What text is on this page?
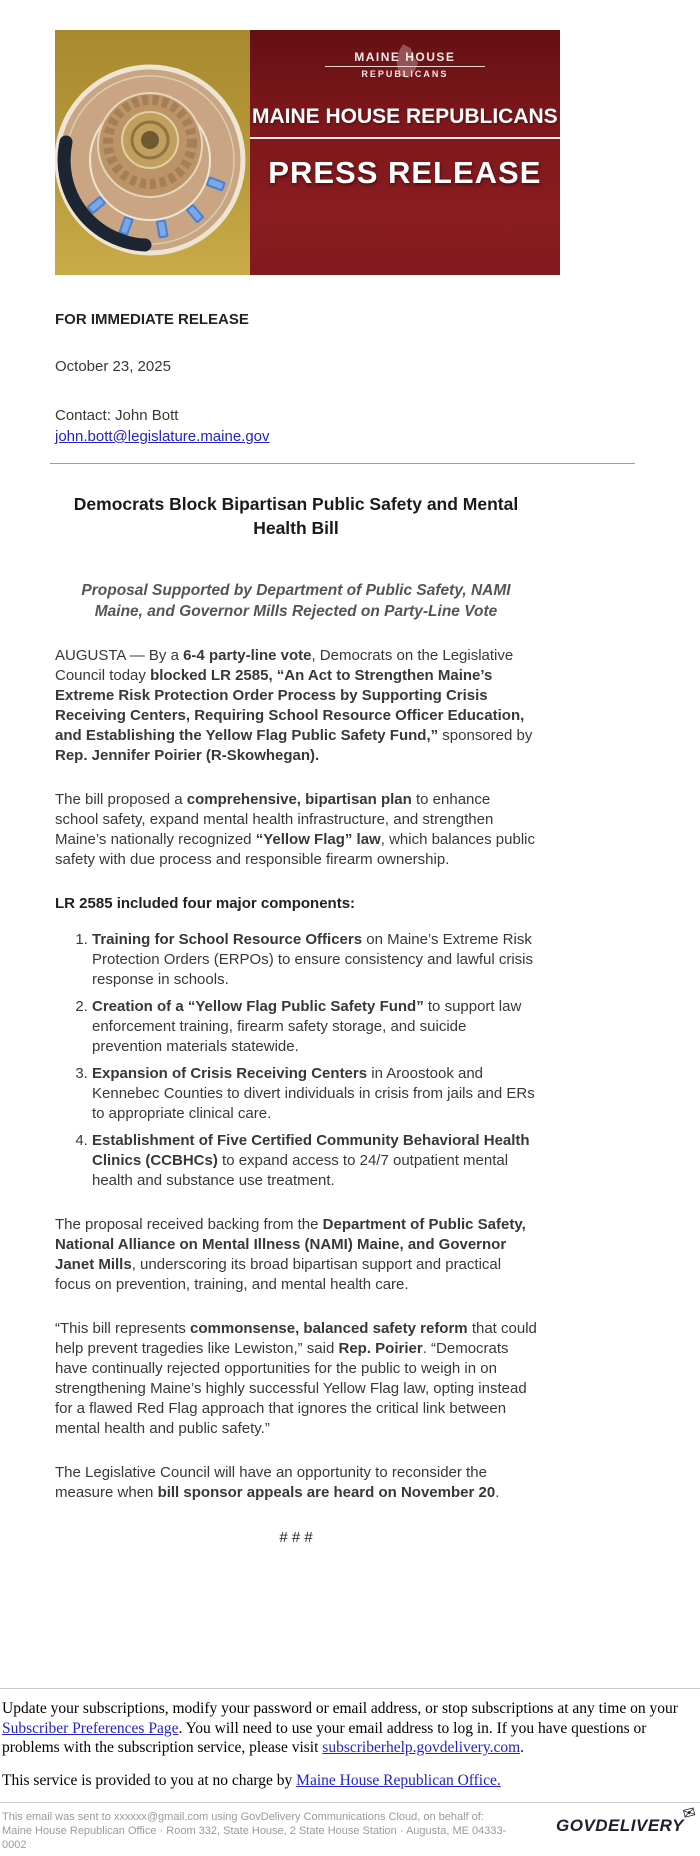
MAINE HOUSE
REPUBLICANS
MAINE HOUSE REPUBLICANS
PRESS RELEASE

FOR IMMEDIATE RELEASE

October 23, 2025

Contact: John Bott
john.bott@legislature.maine.gov

Democrats Block Bipartisan Public Safety and Mental Health Bill
Proposal Supported by Department of Public Safety, NAMI Maine, and Governor Mills Rejected on Party-Line Vote

AUGUSTA — By a 6-4 party-line vote, Democrats on the Legislative Council today blocked LR 2585, “An Act to Strengthen Maine’s Extreme Risk Protection Order Process by Supporting Crisis Receiving Centers, Requiring School Resource Officer Education, and Establishing the Yellow Flag Public Safety Fund,” sponsored by Rep. Jennifer Poirier (R-Skowhegan).

The bill proposed a comprehensive, bipartisan plan to enhance school safety, expand mental health infrastructure, and strengthen Maine’s nationally recognized “Yellow Flag” law, which balances public safety with due process and responsible firearm ownership.

LR 2585 included four major components:

1. Training for School Resource Officers on Maine’s Extreme Risk Protection Orders (ERPOs) to ensure consistency and lawful crisis response in schools.
2. Creation of a “Yellow Flag Public Safety Fund” to support law enforcement training, firearm safety storage, and suicide prevention materials statewide.
3. Expansion of Crisis Receiving Centers in Aroostook and Kennebec Counties to divert individuals in crisis from jails and ERs to appropriate clinical care.
4. Establishment of Five Certified Community Behavioral Health Clinics (CCBHCs) to expand access to 24/7 outpatient mental health and substance use treatment.

The proposal received backing from the Department of Public Safety, National Alliance on Mental Illness (NAMI) Maine, and Governor Janet Mills, underscoring its broad bipartisan support and practical focus on prevention, training, and mental health care.

“This bill represents commonsense, balanced safety reform that could help prevent tragedies like Lewiston,” said Rep. Poirier. “Democrats have continually rejected opportunities for the public to weigh in on strengthening Maine’s highly successful Yellow Flag law, opting instead for a flawed Red Flag approach that ignores the critical link between mental health and public safety.”

The Legislative Council will have an opportunity to reconsider the measure when bill sponsor appeals are heard on November 20.

# # #

Update your subscriptions, modify your password or email address, or stop subscriptions at any time on your Subscriber Preferences Page. You will need to use your email address to log in. If you have questions or problems with the subscription service, please visit subscriberhelp.govdelivery.com.

This service is provided to you at no charge by Maine House Republican Office.

This email was sent to xxxxxx@gmail.com using GovDelivery Communications Cloud, on behalf of: Maine House Republican Office · Room 332, State House, 2 State House Station · Augusta, ME 04333-0002
GOVDELIVERY
✉
